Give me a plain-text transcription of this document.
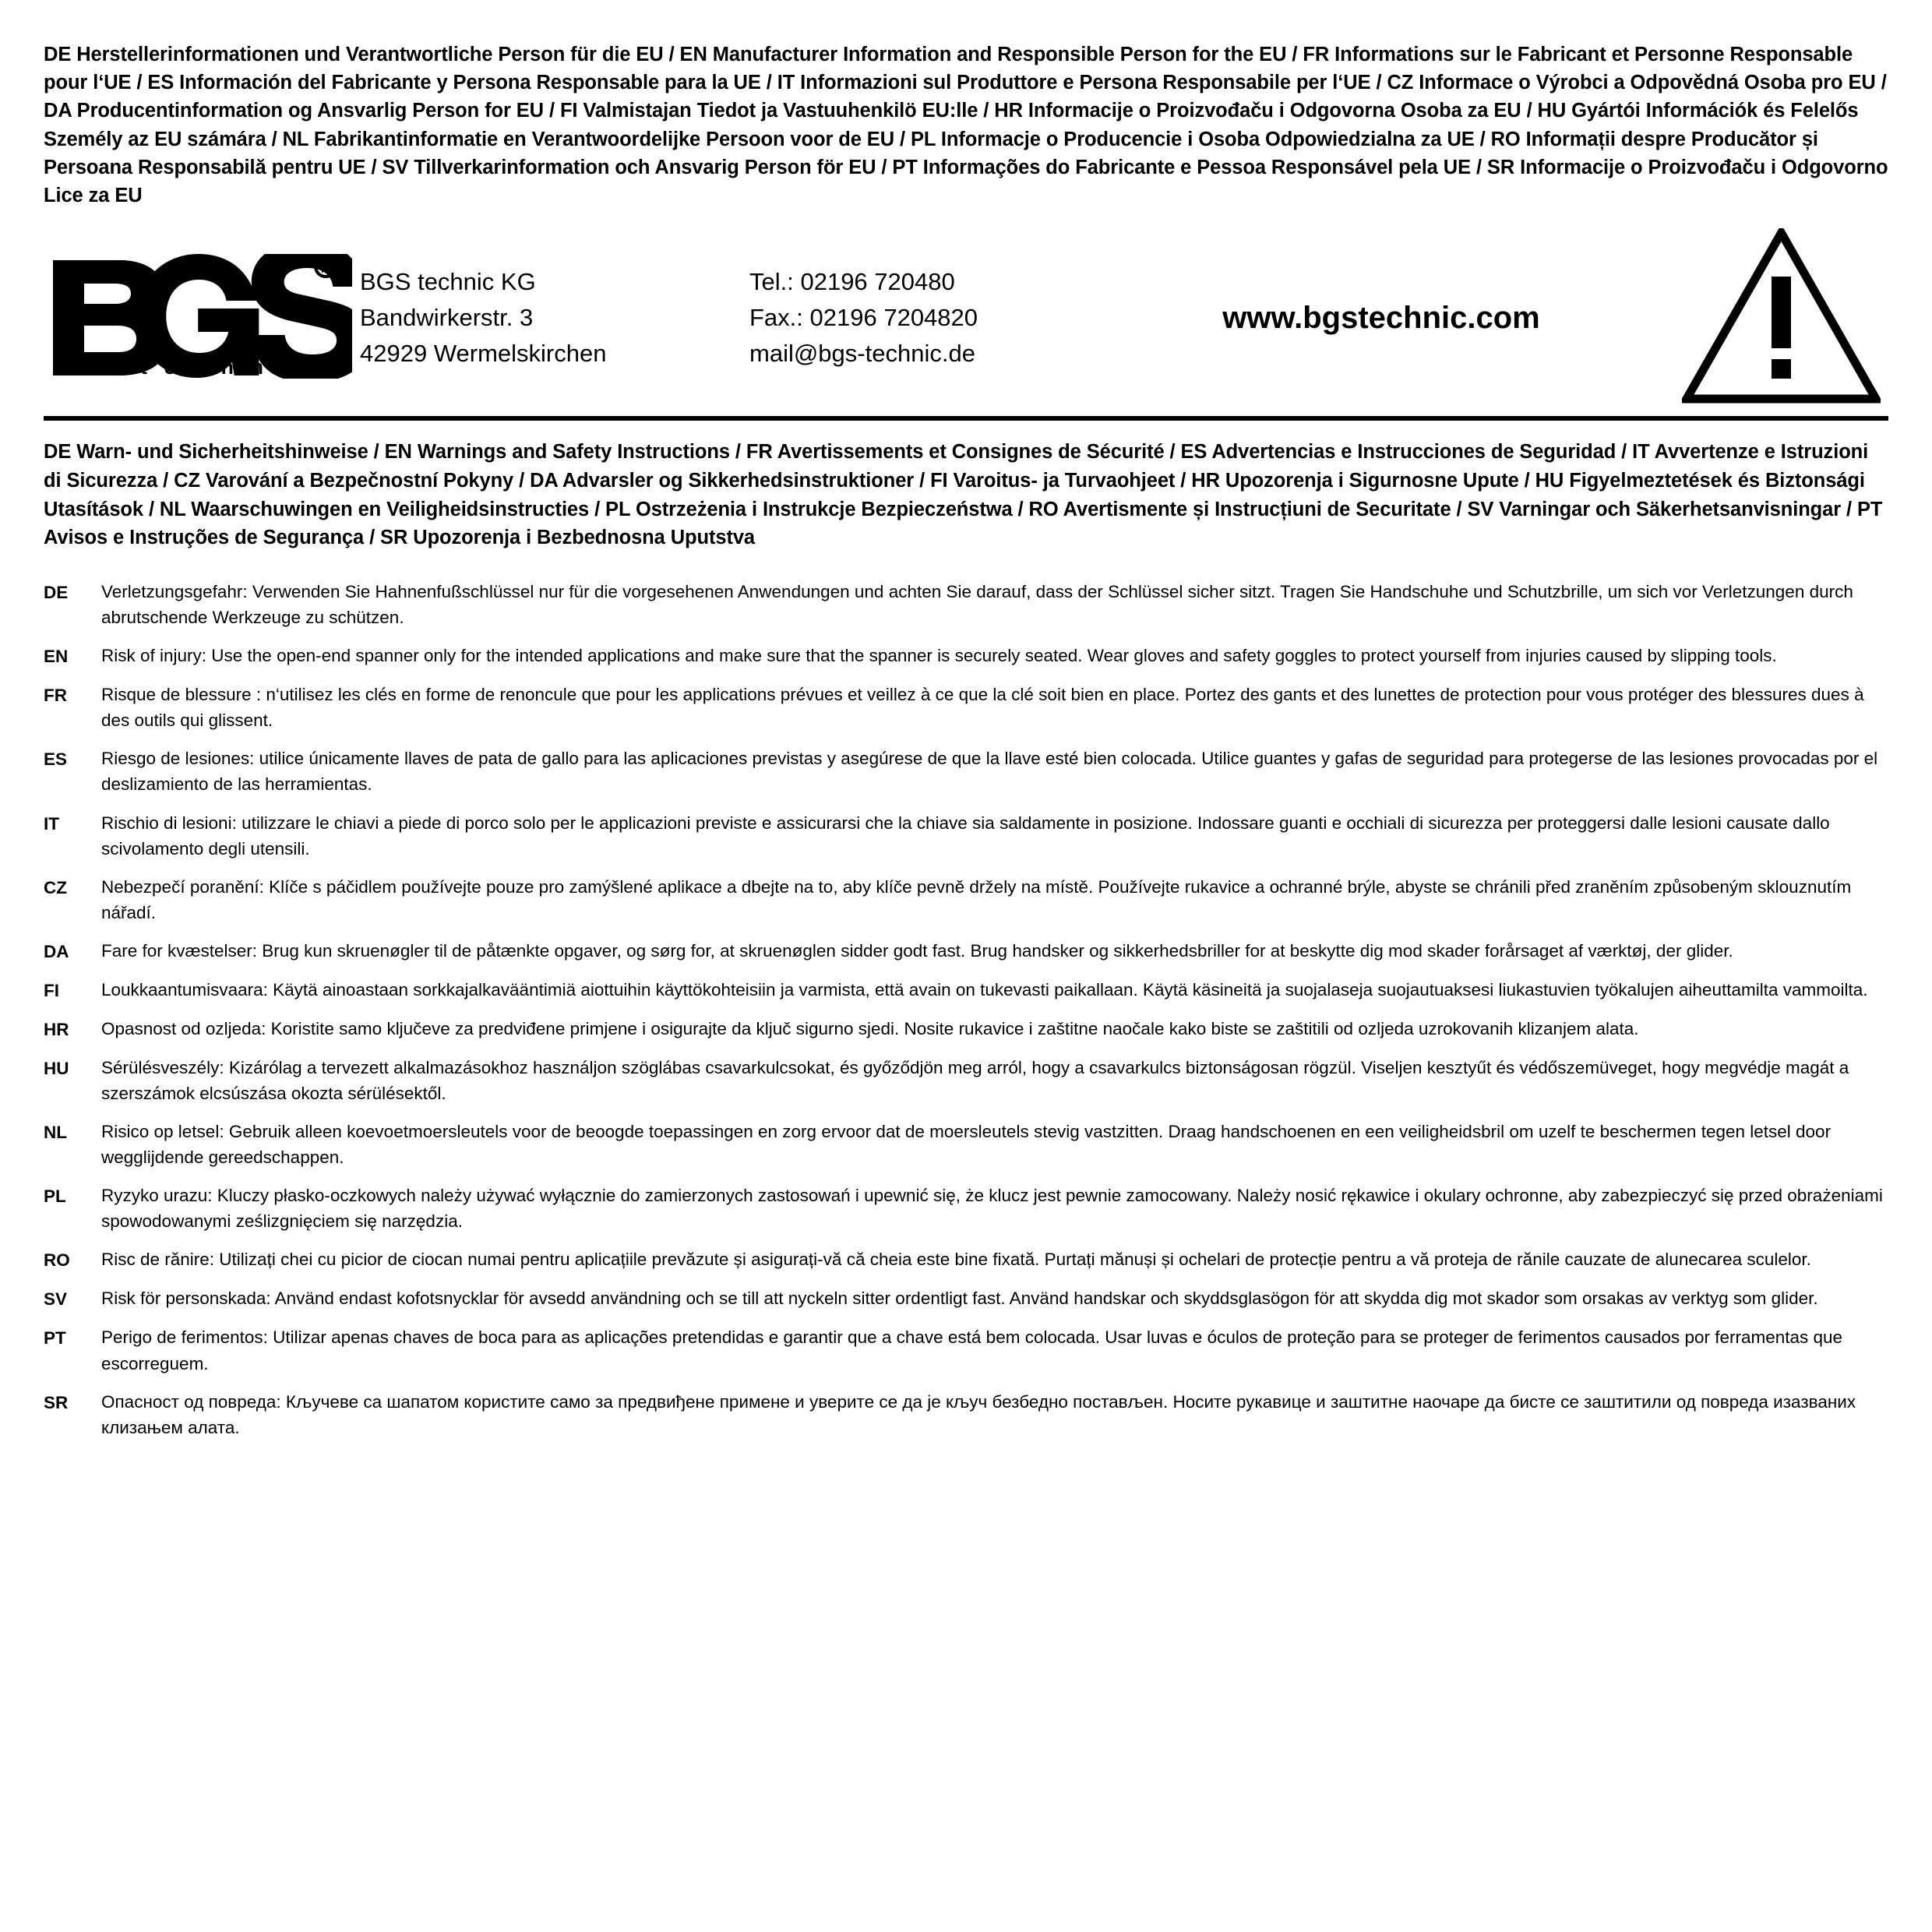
DE Herstellerinformationen und Verantwortliche Person für die EU / EN Manufacturer Information and Responsible Person for the EU / FR Informations sur le Fabricant et Personne Responsable pour l‘UE / ES Información del Fabricante y Persona Responsable para la UE / IT Informazioni sul Produttore e Persona Responsabile per l‘UE / CZ Informace o Výrobci a Odpovědná Osoba pro EU / DA Producentinformation og Ansvarlig Person for EU / FI Valmistajan Tiedot ja Vastuuhenkilö EU:lle / HR Informacije o Proizvođaču i Odgovorna Osoba za EU / HU Gyártói Információk és Felelős Személy az EU számára / NL Fabrikantinformatie en Verantwoordelijke Persoon voor de EU / PL Informacje o Producencie i Osoba Odpowiedzialna za UE / RO Informații despre Producător și Persoana Responsabilă pentru UE / SV Tillverkarinformation och Ansvarig Person för EU / PT Informações do Fabricante e Pessoa Responsável pela UE / SR Informacije o Proizvođaču i Odgovorno Lice za EU
R
t e c h n i c
BGS technic KG
Bandwirkerstr. 3
42929 Wermelskirchen
Tel.: 02196 720480
Fax.: 02196 7204820
mail@bgs-technic.de
www.bgstechnic.com
DE Warn- und Sicherheitshinweise / EN Warnings and Safety Instructions / FR Avertissements et Consignes de Sécurité / ES Advertencias e Instrucciones de Seguridad / IT Avvertenze e Istruzioni di Sicurezza / CZ Varování a Bezpečnostní Pokyny / DA Advarsler og Sikkerhedsinstruktioner / FI Varoitus- ja Turvaohjeet / HR Upozorenja i Sigurnosne Upute / HU Figyelmeztetések és Biztonsági Utasítások / NL Waarschuwingen en Veiligheidsinstructies / PL Ostrzeżenia i Instrukcje Bezpieczeństwa / RO Avertismente și Instrucțiuni de Securitate / SV Varningar och Säkerhetsanvisningar / PT Avisos e Instruções de Segurança / SR Upozorenja i Bezbednosna Uputstva
DE	Verletzungsgefahr: Verwenden Sie Hahnenfußschlüssel nur für die vorgesehenen Anwendungen und achten Sie darauf, dass der Schlüssel sicher sitzt. Tragen Sie Handschuhe und Schutzbrille, um sich vor Verletzungen durch abrutschende Werkzeuge zu schützen.
EN	Risk of injury: Use the open-end spanner only for the intended applications and make sure that the spanner is securely seated. Wear gloves and safety goggles to protect yourself from injuries caused by slipping tools.
FR	Risque de blessure : n‘utilisez les clés en forme de renoncule que pour les applications prévues et veillez à ce que la clé soit bien en place. Portez des gants et des lunettes de protection pour vous protéger des blessures dues à des outils qui glissent.
ES	Riesgo de lesiones: utilice únicamente llaves de pata de gallo para las aplicaciones previstas y asegúrese de que la llave esté bien colocada. Utilice guantes y gafas de seguridad para protegerse de las lesiones provocadas por el deslizamiento de las herramientas.
IT	Rischio di lesioni: utilizzare le chiavi a piede di porco solo per le applicazioni previste e assicurarsi che la chiave sia saldamente in posizione. Indossare guanti e occhiali di sicurezza per proteggersi dalle lesioni causate dallo scivolamento degli utensili.
CZ	Nebezpečí poranění: Klíče s páčidlem používejte pouze pro zamýšlené aplikace a dbejte na to, aby klíče pevně držely na místě. Používejte rukavice a ochranné brýle, abyste se chránili před zraněním způsobeným sklouznutím nářadí.
DA	Fare for kvæstelser: Brug kun skruenøgler til de påtænkte opgaver, og sørg for, at skruenøglen sidder godt fast. Brug handsker og sikkerhedsbriller for at beskytte dig mod skader forårsaget af værktøj, der glider.
FI	Loukkaantumisvaara: Käytä ainoastaan sorkkajalkavääntimiä aiottuihin käyttökohteisiin ja varmista, että avain on tukevasti paikallaan. Käytä käsineitä ja suojalaseja suojautuaksesi liukastuvien työkalujen aiheuttamilta vammoilta.
HR	Opasnost od ozljeda: Koristite samo ključeve za predviđene primjene i osigurajte da ključ sigurno sjedi. Nosite rukavice i zaštitne naočale kako biste se zaštitili od ozljeda uzrokovanih klizanjem alata.
HU	Sérülésveszély: Kizárólag a tervezett alkalmazásokhoz használjon szöglábas csavarkulcsokat, és győződjön meg arról, hogy a csavarkulcs biztonságosan rögzül. Viseljen kesztyűt és védőszemüveget, hogy megvédje magát a szerszámok elcsúszása okozta sérülésektől.
NL	Risico op letsel: Gebruik alleen koevoetmoersleutels voor de beoogde toepassingen en zorg ervoor dat de moersleutels stevig vastzitten. Draag handschoenen en een veiligheidsbril om uzelf te beschermen tegen letsel door wegglijdende gereedschappen.
PL	Ryzyko urazu: Kluczy płasko-oczkowych należy używać wyłącznie do zamierzonych zastosowań i upewnić się, że klucz jest pewnie zamocowany. Należy nosić rękawice i okulary ochronne, aby zabezpieczyć się przed obrażeniami spowodowanymi ześlizgnięciem się narzędzia.
RO	Risc de rănire: Utilizați chei cu picior de ciocan numai pentru aplicațiile prevăzute și asigurați-vă că cheia este bine fixată. Purtați mănuși și ochelari de protecție pentru a vă proteja de rănile cauzate de alunecarea sculelor.
SV	Risk för personskada: Använd endast kofotsnycklar för avsedd användning och se till att nyckeln sitter ordentligt fast. Använd handskar och skyddsglasögon för att skydda dig mot skador som orsakas av verktyg som glider.
PT	Perigo de ferimentos: Utilizar apenas chaves de boca para as aplicações pretendidas e garantir que a chave está bem colocada. Usar luvas e óculos de proteção para se proteger de ferimentos causados por ferramentas que escorreguem.
SR	Опасност од повреда: Кључеве са шапатом користите само за предвиђене примене и уверите се да је кључ безбедно постављен. Носите рукавице и заштитне наочаре да бисте се заштитили од повреда изазваних клизањем алата.
